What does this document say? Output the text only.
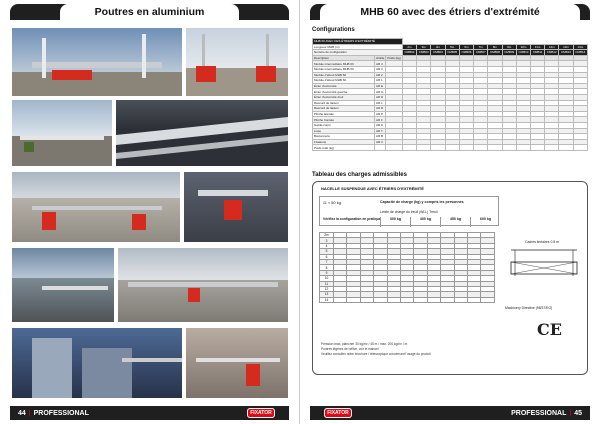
Poutres en aluminium
44 | PROFESSIONAL	FIXATOR
MHB 60 avec des étriers d'extrémité
Configurations
MHB 60 AVEC DES ÉTRIERS D'EXTRÉMITÉ															
Longueur MHB (m)			2m	3m	4m	5m	6m	7m	8m	9m	10m	11m	12m	13m	14m
Numéro de configuration			CMB02	CMB03	CMB04	CMB05	CMB06	CMB07	CMB08	CMB09	CMB10	CMB11	CMB12	CMB13	CMB14
Description	Article	Poids (kg)													
Module intermédiaire MHB 60	AR 4														
Module intermédiaire MHB 60	AR 3														
Module d'about MHB 60	AR 2														
Module d'about MHB 60	AR 1														
Étrier d'extrémité	AR E														
Étrier d'extrémité gauche	AR G														
Étrier d'extrémité droit	AR D														
Raccord de liaison	AR L														
Raccord de liaison	AR R														
Plinthe latérale	AR P														
Plinthe frontale	AR F														
Garde-corps	AR K														
Lisse	AR T														
Boulonnerie	AR B														
Fixations	AR X														
Poids total (kg)															
Tableau des charges admissibles
NACELLE SUSPENDUE AVEC ÉTRIERS D'EXTRÉMITÉ
⚖ < 50 kg	Capacité de charge (kg) y compris les personnes
Limite de charge du treuil (WLL) Treuil
Vérifiez la configuration en pratique	300 kg	400 kg	450 kg	600 kg
2m												
3												
4												
5												
6												
7												
8												
9												
10												
11												
12												
13												
14												
Cadres linéaires 0.5 m
Machinery Directive (98/37/EG)
CE
Pression max. plancher 30 kg/m² / 45 m / max. 200 kg/m² / m
Poutres légères de hélice, voir le manuel
Veuillez consulter notre brochure / télescopique concernant l'usage du produit
FIXATOR	PROFESSIONAL | 45
